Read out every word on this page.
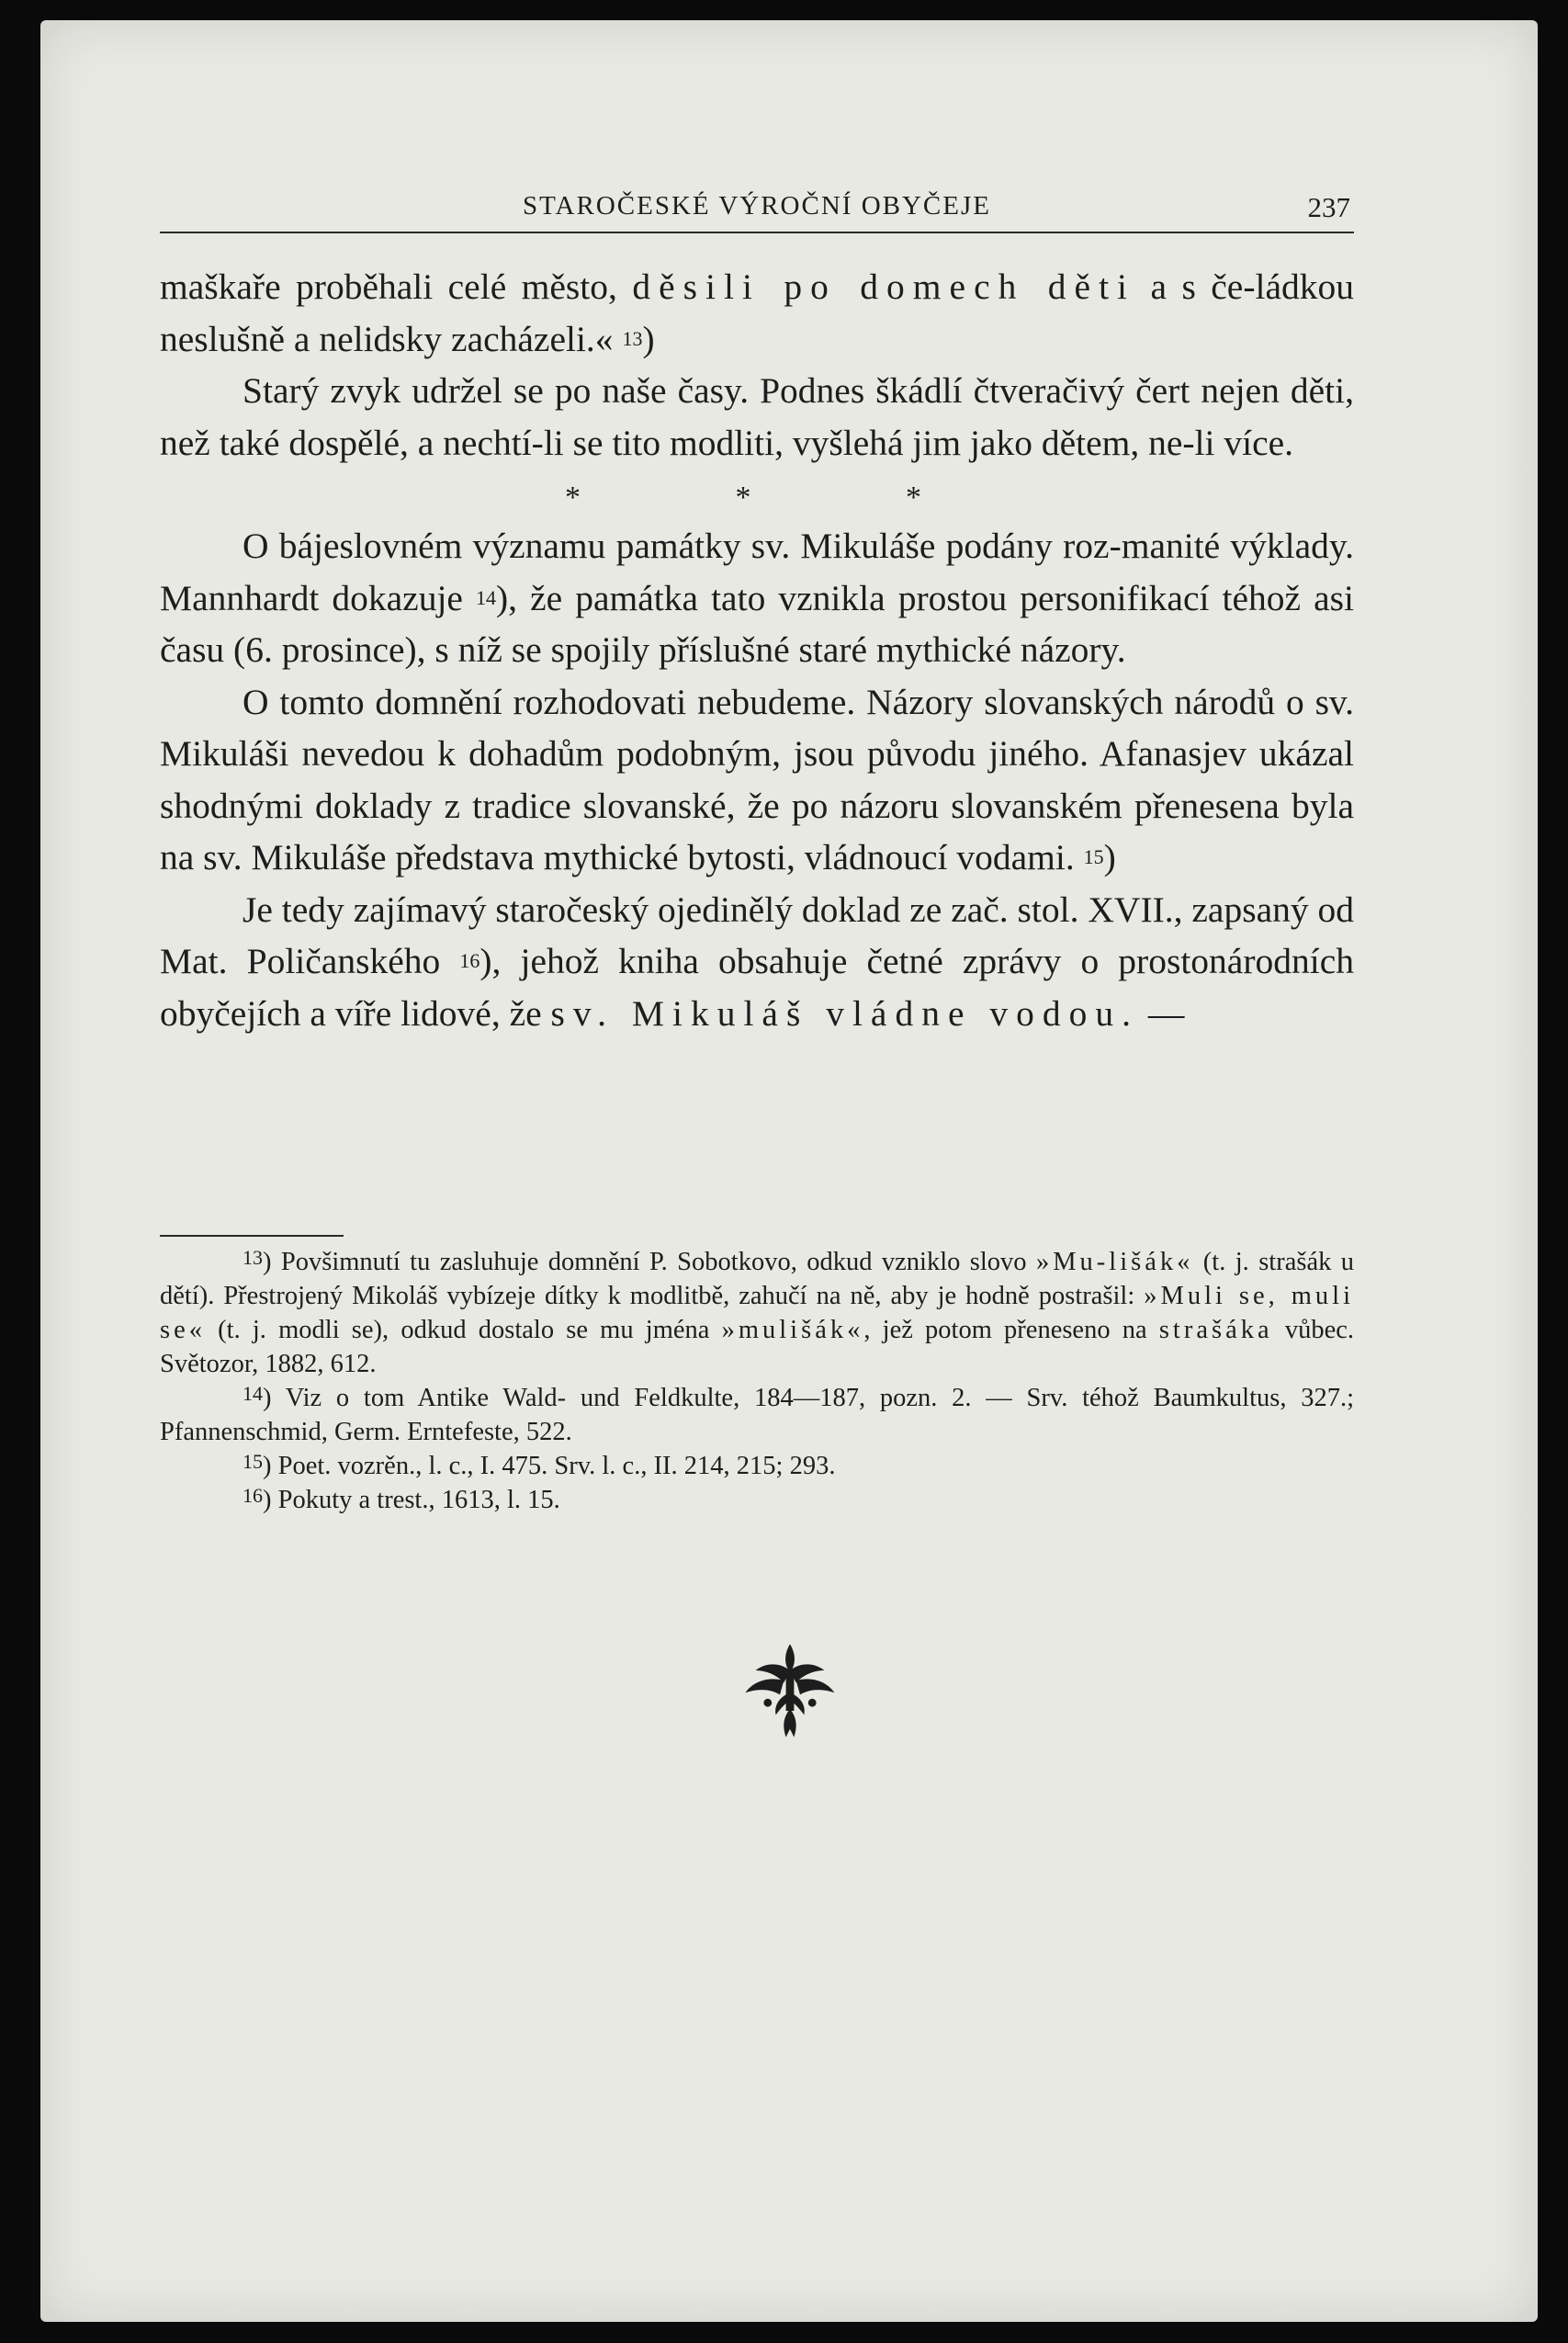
STAROČESKÉ VÝROČNÍ OBYČEJE	237

maškaře proběhali celé město, děsili po domech děti a s če-ládkou neslušně a nelidsky zacházeli.« $^{13}$)

Starý zvyk udržel se po naše časy. Podnes škádlí čtveračivý čert nejen děti, než také dospělé, a nechtí-li se tito modliti, vyšlehá jim jako dětem, ne-li více.

* * *

O bájeslovném významu památky sv. Mikuláše podány roz-manité výklady. Mannhardt dokazuje $^{14}$), že památka tato vznikla prostou personifikací téhož asi času (6. prosince), s níž se spojily příslušné staré mythické názory.

O tomto domnění rozhodovati nebudeme. Názory slovanských národů o sv. Mikuláši nevedou k dohadům podobným, jsou původu jiného. Afanasjev ukázal shodnými doklady z tradice slovanské, že po názoru slovanském přenesena byla na sv. Mikuláše představa mythické bytosti, vládnoucí vodami. $^{15}$)

Je tedy zajímavý staročeský ojedinělý doklad ze zač. stol. XVII., zapsaný od Mat. Poličanského $^{16}$), jehož kniha obsahuje četné zprávy o prostonárodních obyčejích a víře lidové, že sv. Mikuláš vládne vodou. —

$^{13}$) Povšimnutí tu zasluhuje domnění P. Sobotkovo, odkud vzniklo slovo »Mu-lišák« (t. j. strašák u dětí). Přestrojený Mikoláš vybízeje dítky k modlitbě, zahučí na ně, aby je hodně postrašil: »Muli se, muli se« (t. j. modli se), odkud dostalo se mu jména »mulišák«, jež potom přeneseno na strašáka vůbec. Světozor, 1882, 612.

$^{14}$) Viz o tom Antike Wald- und Feldkulte, 184—187, pozn. 2. — Srv. téhož Baumkultus, 327.; Pfannenschmid, Germ. Erntefeste, 522.

$^{15}$) Poet. vozrěn., l. c., I. 475. Srv. l. c., II. 214, 215; 293.

$^{16}$) Pokuty a trest., 1613, l. 15.
